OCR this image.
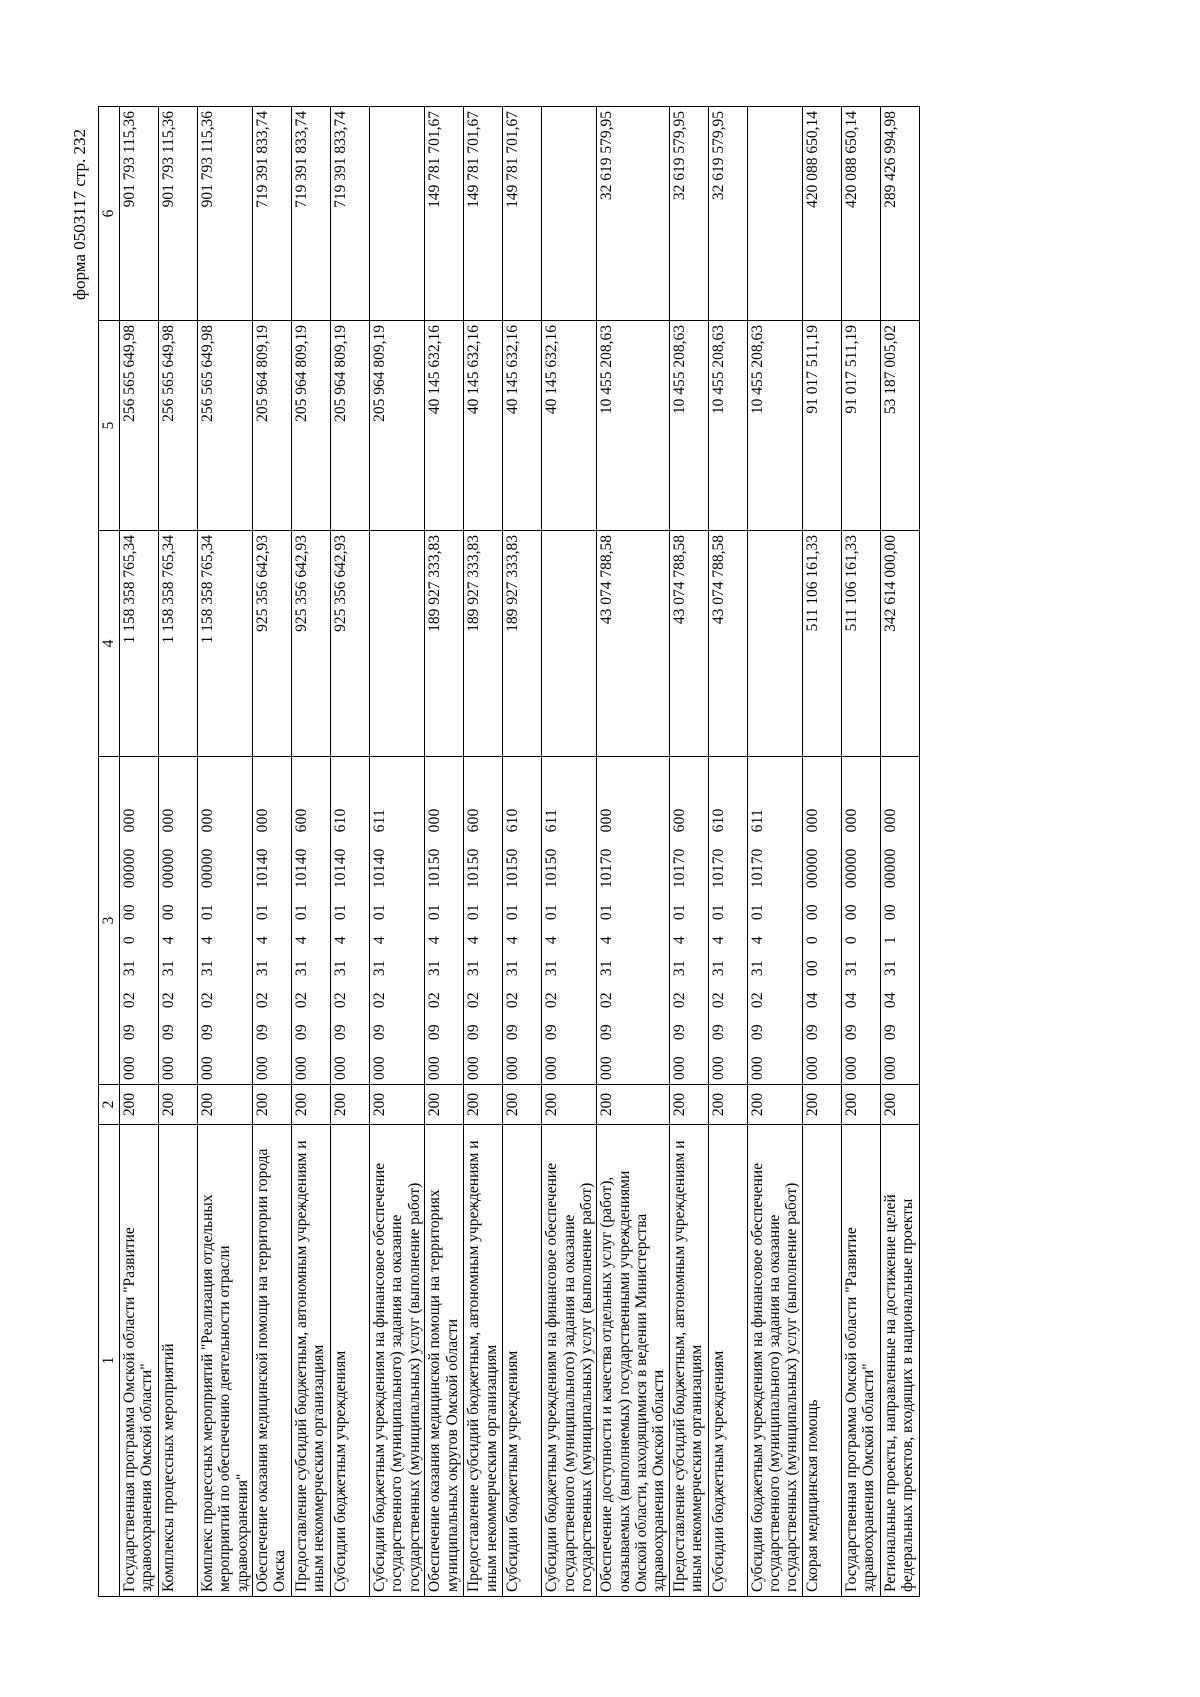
форма 0503117 стр. 232
1	2	3	4	5	6
Государственная программа Омской области "Развитие здравоохранения Омской области"	200	000 09 02 31 0 00 00000 000	1 158 358 765,34	256 565 649,98	901 793 115,36
Комплексы процессных мероприятий	200	000 09 02 31 4 00 00000 000	1 158 358 765,34	256 565 649,98	901 793 115,36
Комплекс процессных мероприятий "Реализация отдельных мероприятий по обеспечению деятельности отрасли здравоохранения"	200	000 09 02 31 4 01 00000 000	1 158 358 765,34	256 565 649,98	901 793 115,36
Обеспечение оказания медицинской помощи на территории города Омска	200	000 09 02 31 4 01 10140 000	925 356 642,93	205 964 809,19	719 391 833,74
Предоставление субсидий бюджетным, автономным учреждениям и иным некоммерческим организациям	200	000 09 02 31 4 01 10140 600	925 356 642,93	205 964 809,19	719 391 833,74
Субсидии бюджетным учреждениям	200	000 09 02 31 4 01 10140 610	925 356 642,93	205 964 809,19	719 391 833,74
Субсидии бюджетным учреждениям на финансовое обеспечение государственного (муниципального) задания на оказание государственных (муниципальных) услуг (выполнение работ)	200	000 09 02 31 4 01 10140 611		205 964 809,19	
Обеспечение оказания медицинской помощи на территориях муниципальных округов Омской области	200	000 09 02 31 4 01 10150 000	189 927 333,83	40 145 632,16	149 781 701,67
Предоставление субсидий бюджетным, автономным учреждениям и иным некоммерческим организациям	200	000 09 02 31 4 01 10150 600	189 927 333,83	40 145 632,16	149 781 701,67
Субсидии бюджетным учреждениям	200	000 09 02 31 4 01 10150 610	189 927 333,83	40 145 632,16	149 781 701,67
Субсидии бюджетным учреждениям на финансовое обеспечение государственного (муниципального) задания на оказание государственных (муниципальных) услуг (выполнение работ)	200	000 09 02 31 4 01 10150 611		40 145 632,16	
Обеспечение доступности и качества отдельных услуг (работ), оказываемых (выполняемых) государственными учреждениями Омской области, находящимися в ведении Министерства здравоохранения Омской области	200	000 09 02 31 4 01 10170 000	43 074 788,58	10 455 208,63	32 619 579,95
Предоставление субсидий бюджетным, автономным учреждениям и иным некоммерческим организациям	200	000 09 02 31 4 01 10170 600	43 074 788,58	10 455 208,63	32 619 579,95
Субсидии бюджетным учреждениям	200	000 09 02 31 4 01 10170 610	43 074 788,58	10 455 208,63	32 619 579,95
Субсидии бюджетным учреждениям на финансовое обеспечение государственного (муниципального) задания на оказание государственных (муниципальных) услуг (выполнение работ)	200	000 09 02 31 4 01 10170 611		10 455 208,63	
Скорая медицинская помощь	200	000 09 04 00 0 00 00000 000	511 106 161,33	91 017 511,19	420 088 650,14
Государственная программа Омской области "Развитие здравоохранения Омской области"	200	000 09 04 31 0 00 00000 000	511 106 161,33	91 017 511,19	420 088 650,14
Региональные проекты, направленные на достижение целей федеральных проектов, входящих в национальные проекты	200	000 09 04 31 1 00 00000 000	342 614 000,00	53 187 005,02	289 426 994,98
